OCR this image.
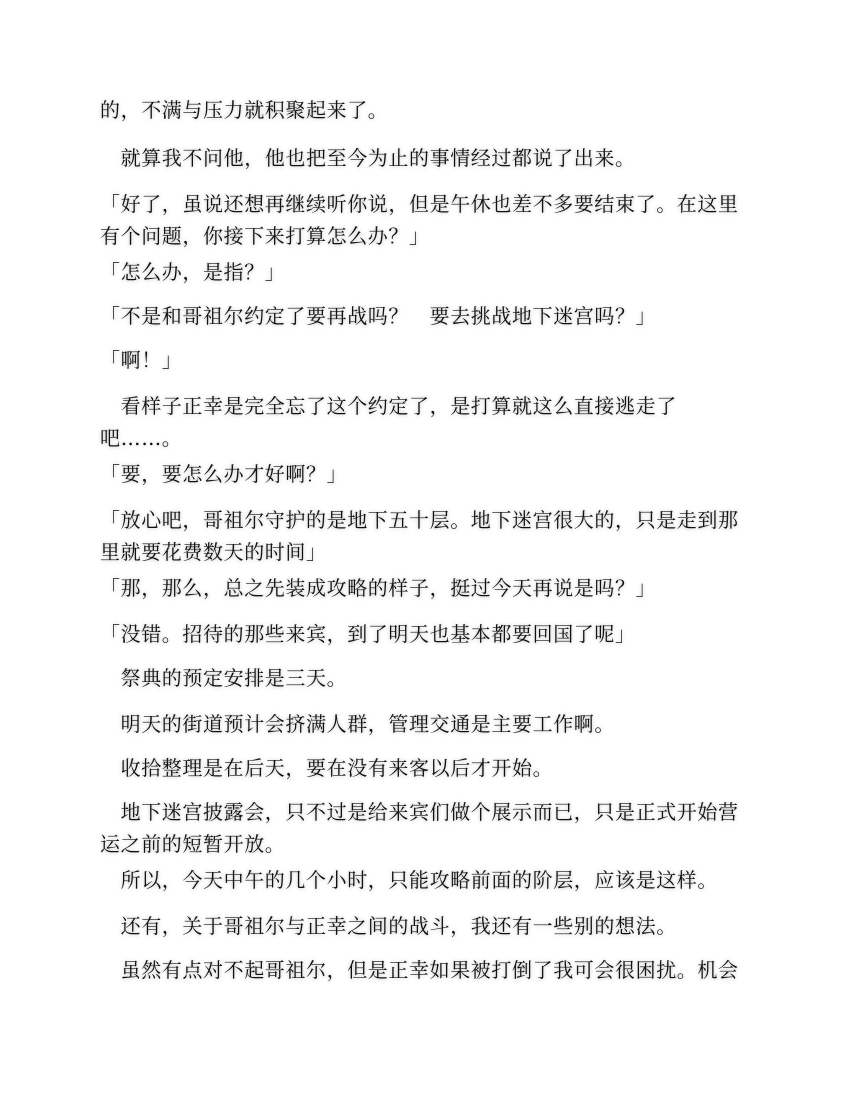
的，不满与压力就积聚起来了。

　就算我不问他，他也把至今为止的事情经过都说了出来。

「好了，虽说还想再继续听你说，但是午休也差不多要结束了。在这里有个问题，你接下来打算怎么办？」

「怎么办，是指？」

「不是和哥祖尔约定了要再战吗？　要去挑战地下迷宫吗？」

「啊！」

　看样子正幸是完全忘了这个约定了，是打算就这么直接逃走了吧……。

「要，要怎么办才好啊？」

「放心吧，哥祖尔守护的是地下五十层。地下迷宫很大的，只是走到那里就要花费数天的时间」

「那，那么，总之先装成攻略的样子，挺过今天再说是吗？」

「没错。招待的那些来宾，到了明天也基本都要回国了呢」

　祭典的预定安排是三天。

　明天的街道预计会挤满人群，管理交通是主要工作啊。

　收拾整理是在后天，要在没有来客以后才开始。

　地下迷宫披露会，只不过是给来宾们做个展示而已，只是正式开始营运之前的短暂开放。

　所以，今天中午的几个小时，只能攻略前面的阶层，应该是这样。

　还有，关于哥祖尔与正幸之间的战斗，我还有一些别的想法。

　虽然有点对不起哥祖尔，但是正幸如果被打倒了我可会很困扰。机会
